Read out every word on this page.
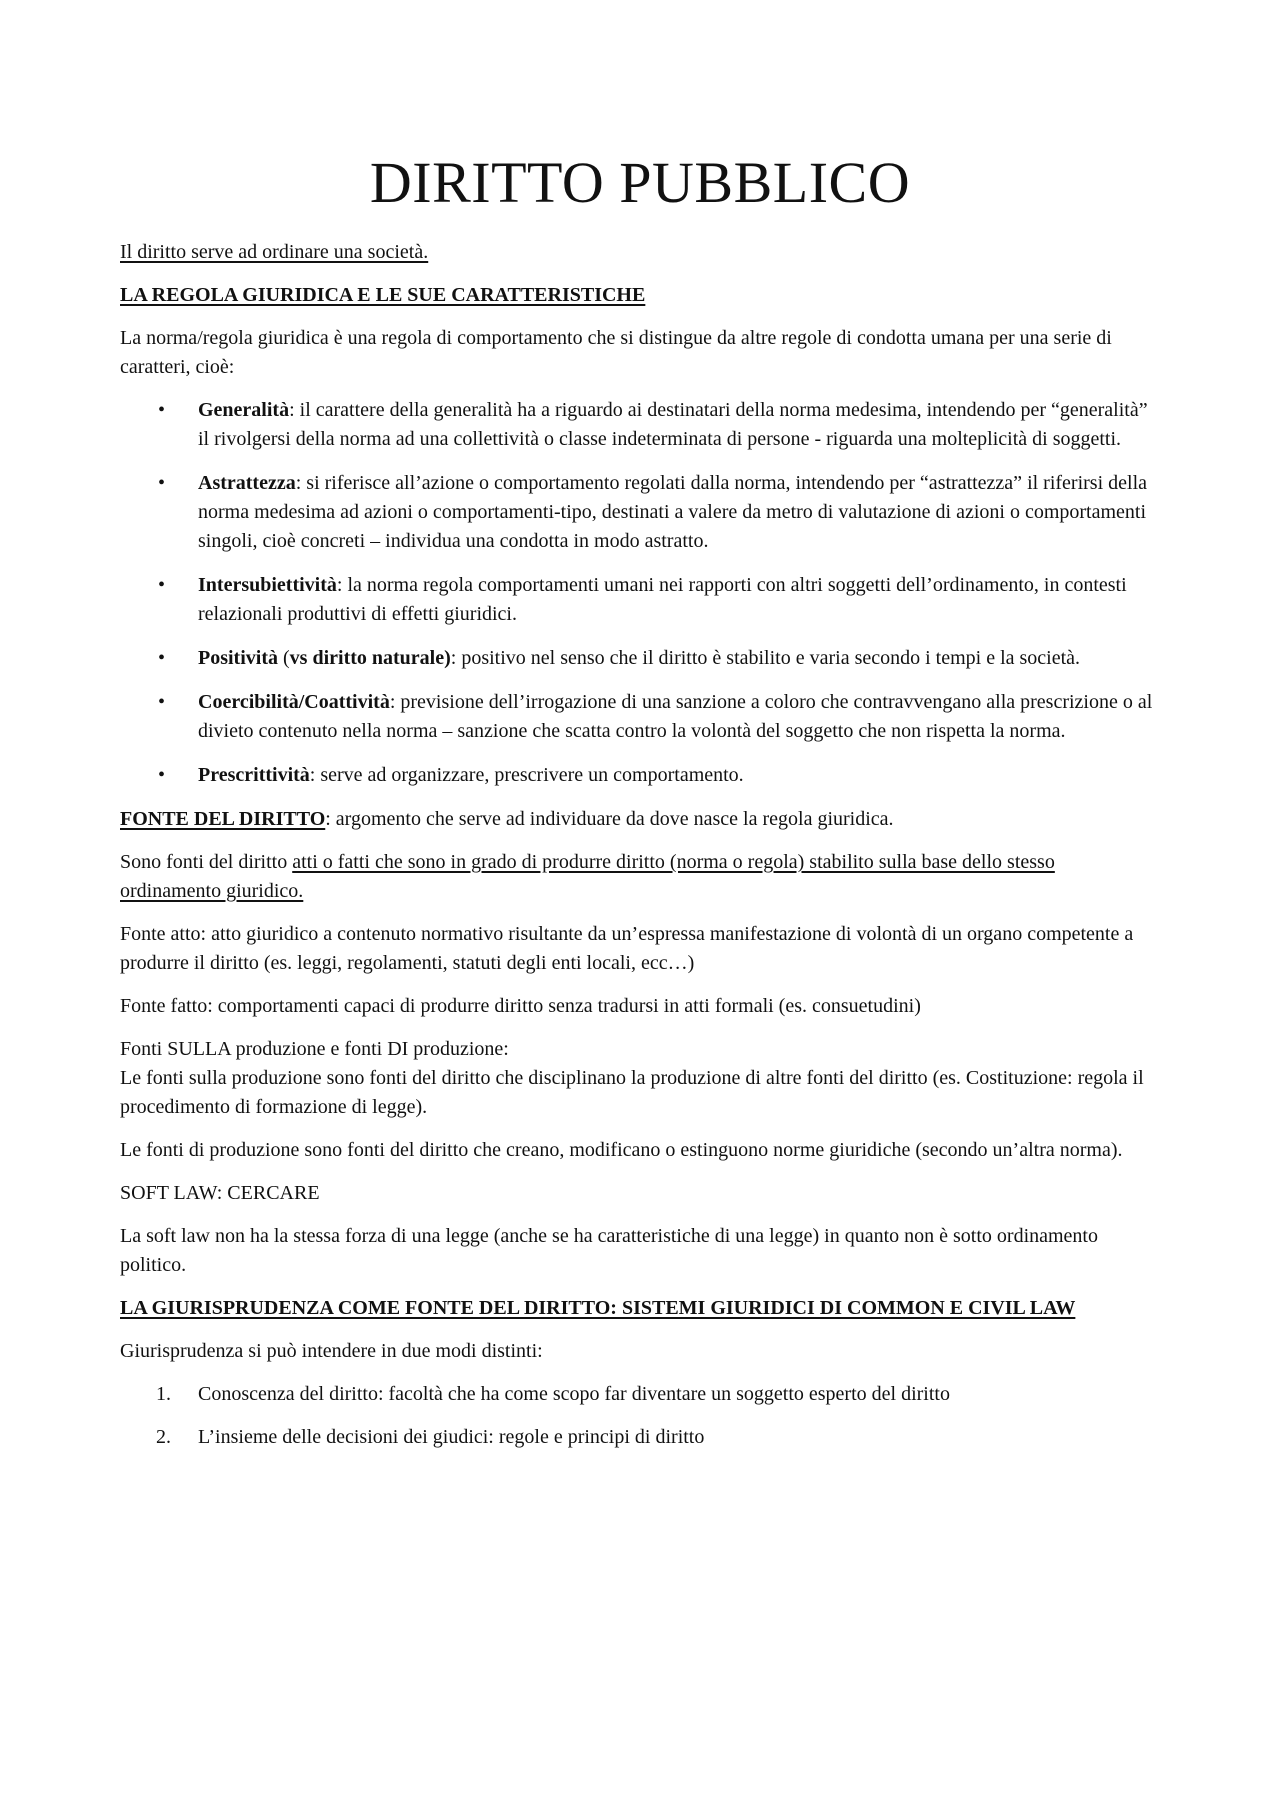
DIRITTO PUBBLICO

Il diritto serve ad ordinare una società.

LA REGOLA GIURIDICA E LE SUE CARATTERISTICHE

La norma/regola giuridica è una regola di comportamento che si distingue da altre regole di condotta umana per una serie di caratteri, cioè:

• Generalità: il carattere della generalità ha a riguardo ai destinatari della norma medesima, intendendo per “generalità” il rivolgersi della norma ad una collettività o classe indeterminata di persone - riguarda una molteplicità di soggetti.
• Astrattezza: si riferisce all’azione o comportamento regolati dalla norma, intendendo per “astrattezza” il riferirsi della norma medesima ad azioni o comportamenti-tipo, destinati a valere da metro di valutazione di azioni o comportamenti singoli, cioè concreti – individua una condotta in modo astratto.
• Intersubiettività: la norma regola comportamenti umani nei rapporti con altri soggetti dell’ordinamento, in contesti relazionali produttivi di effetti giuridici.
• Positività (vs diritto naturale): positivo nel senso che il diritto è stabilito e varia secondo i tempi e la società.
• Coercibilità/Coattività: previsione dell’irrogazione di una sanzione a coloro che contravvengano alla prescrizione o al divieto contenuto nella norma – sanzione che scatta contro la volontà del soggetto che non rispetta la norma.
• Prescrittività: serve ad organizzare, prescrivere un comportamento.

FONTE DEL DIRITTO: argomento che serve ad individuare da dove nasce la regola giuridica.

Sono fonti del diritto atti o fatti che sono in grado di produrre diritto (norma o regola) stabilito sulla base dello stesso ordinamento giuridico.

Fonte atto: atto giuridico a contenuto normativo risultante da un’espressa manifestazione di volontà di un organo competente a produrre il diritto (es. leggi, regolamenti, statuti degli enti locali, ecc…)

Fonte fatto: comportamenti capaci di produrre diritto senza tradursi in atti formali (es. consuetudini)

Fonti SULLA produzione e fonti DI produzione:

Le fonti sulla produzione sono fonti del diritto che disciplinano la produzione di altre fonti del diritto (es. Costituzione: regola il procedimento di formazione di legge).

Le fonti di produzione sono fonti del diritto che creano, modificano o estinguono norme giuridiche (secondo un’altra norma).

SOFT LAW: CERCARE

La soft law non ha la stessa forza di una legge (anche se ha caratteristiche di una legge) in quanto non è sotto ordinamento politico.

LA GIURISPRUDENZA COME FONTE DEL DIRITTO: SISTEMI GIURIDICI DI COMMON E CIVIL LAW

Giurisprudenza si può intendere in due modi distinti:

1. Conoscenza del diritto: facoltà che ha come scopo far diventare un soggetto esperto del diritto
2. L’insieme delle decisioni dei giudici: regole e principi di diritto
